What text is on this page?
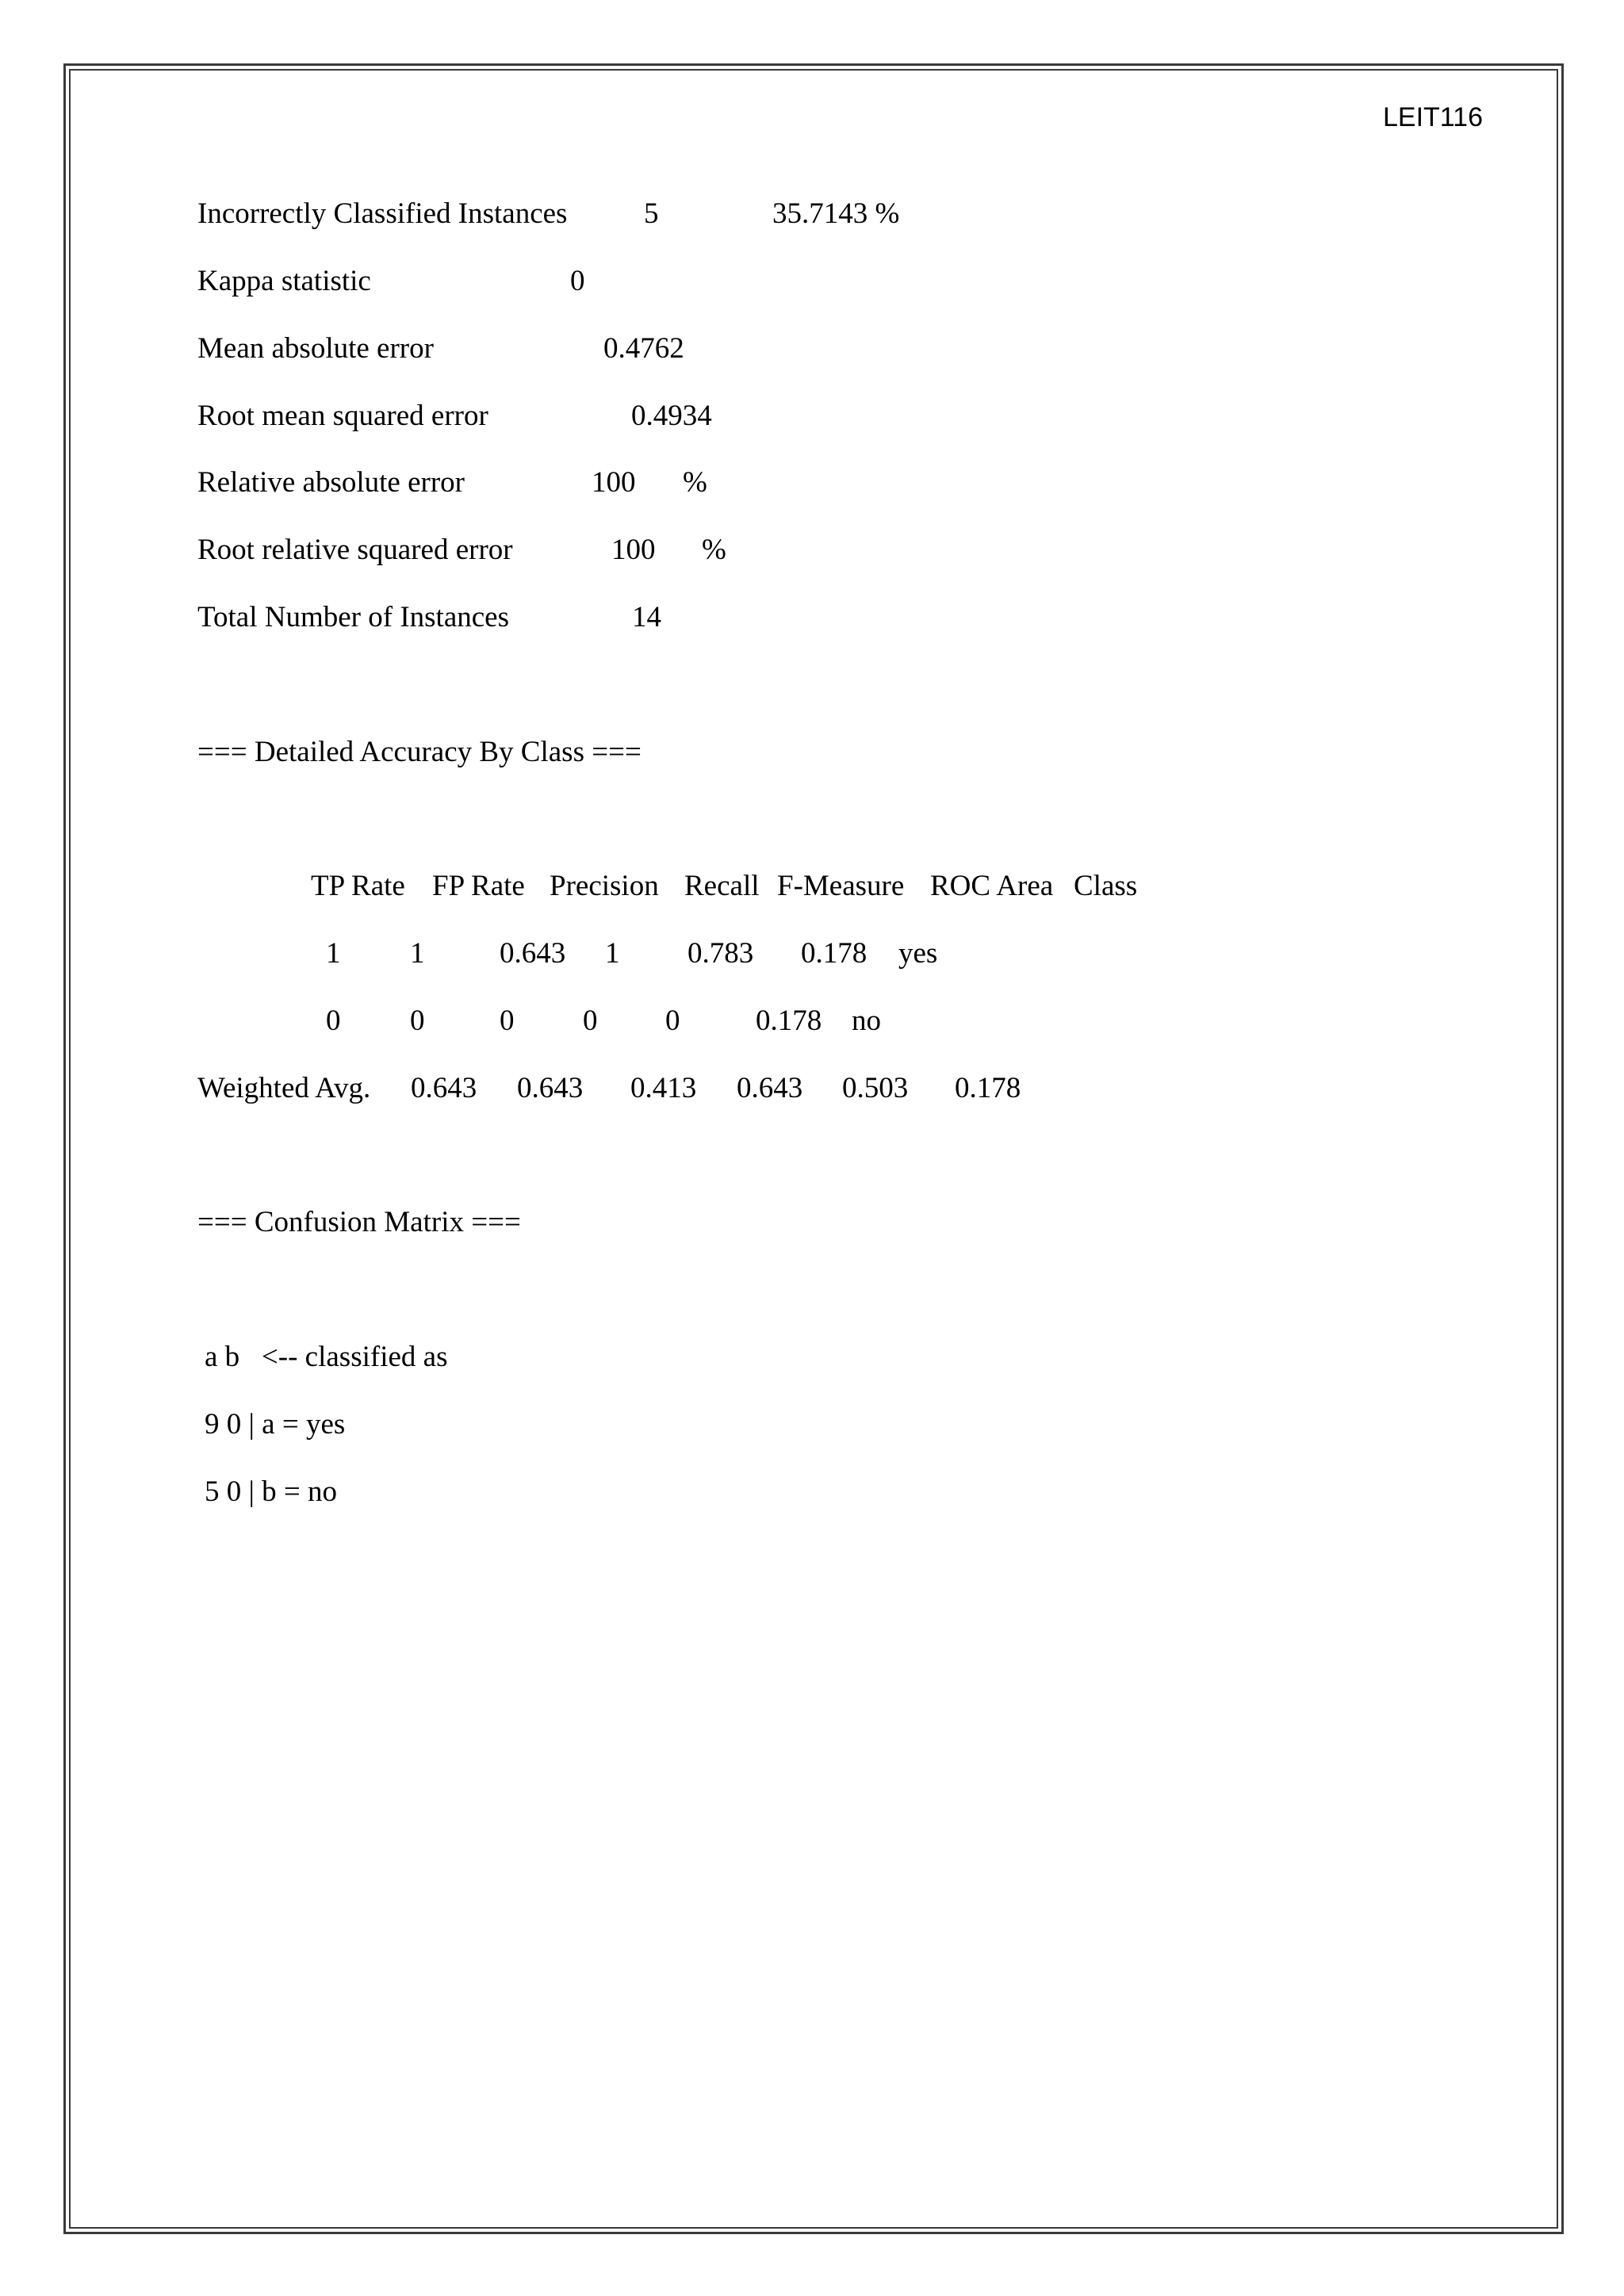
LEIT116
Incorrectly Classified Instances	5	35.7143 %
Kappa statistic	0
Mean absolute error	0.4762
Root mean squared error	0.4934
Relative absolute error	100 %
Root relative squared error	100 %
Total Number of Instances	14
=== Detailed Accuracy By Class ===
TP Rate FP Rate Precision Recall F-Measure ROC Area Class
1 1	0.643 1 0.783 0.178 yes
0 0	0 0 0	0.178 no
Weighted Avg. 0.643 0.643 0.413 0.643 0.503 0.178
=== Confusion Matrix ===
a b   <-- classified as
9 0 | a = yes
5 0 | b = no
